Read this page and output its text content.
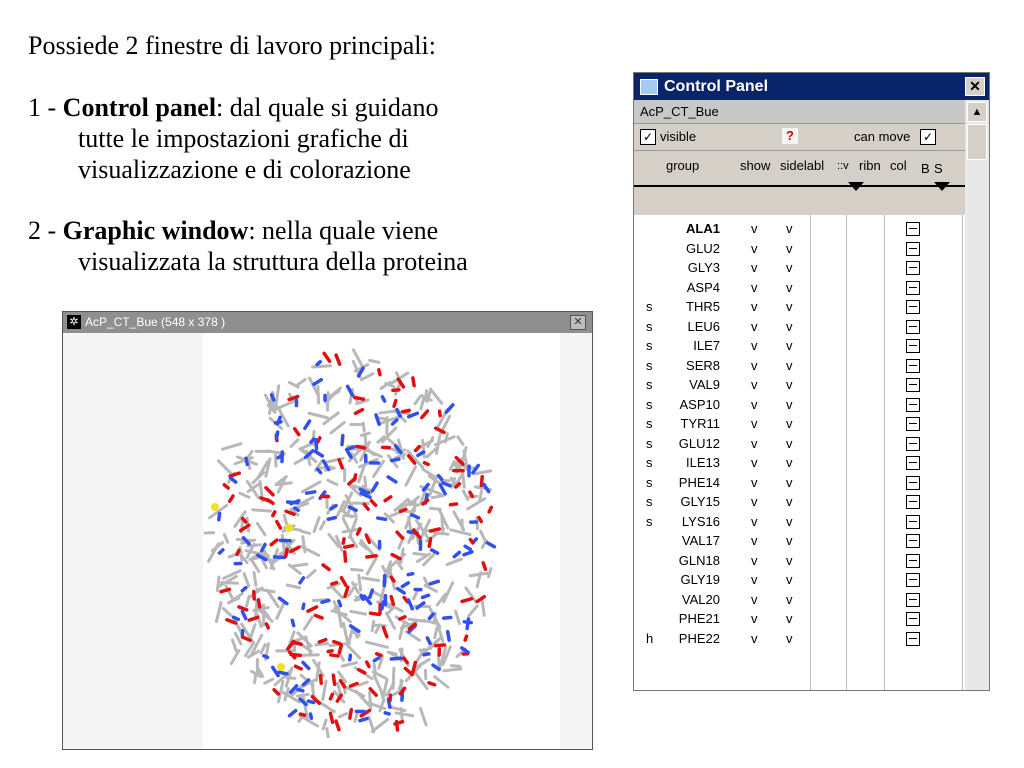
Possiede 2 finestre di lavoro principali:
1 - Control panel: dal quale si guidano
tutte le impostazioni grafiche di
visualizzazione e di colorazione
2 - Graphic window: nella quale viene
visualizzata la struttura della proteina
✲ AcP_CT_Bue (548 x 378 )	✕
Control Panel	✕
AcP_CT_Bue
✓ visible	?	can move ✓
group	show sidelabl ::v ribn col B S
ALA1 v v
GLU2 v v
GLY3 v v
ASP4 v v
s	THR5 v v
s	LEU6 v v
s	ILE7 v v
s	SER8 v v
s	VAL9 v v
s	ASP10 v v
s	TYR11 v v
s	GLU12 v v
s	ILE13 v v
s	PHE14 v v
s	GLY15 v v
s	LYS16 v v
VAL17 v v
GLN18 v v
GLY19 v v
VAL20 v v
PHE21 v v
h	PHE22 v v
▲
